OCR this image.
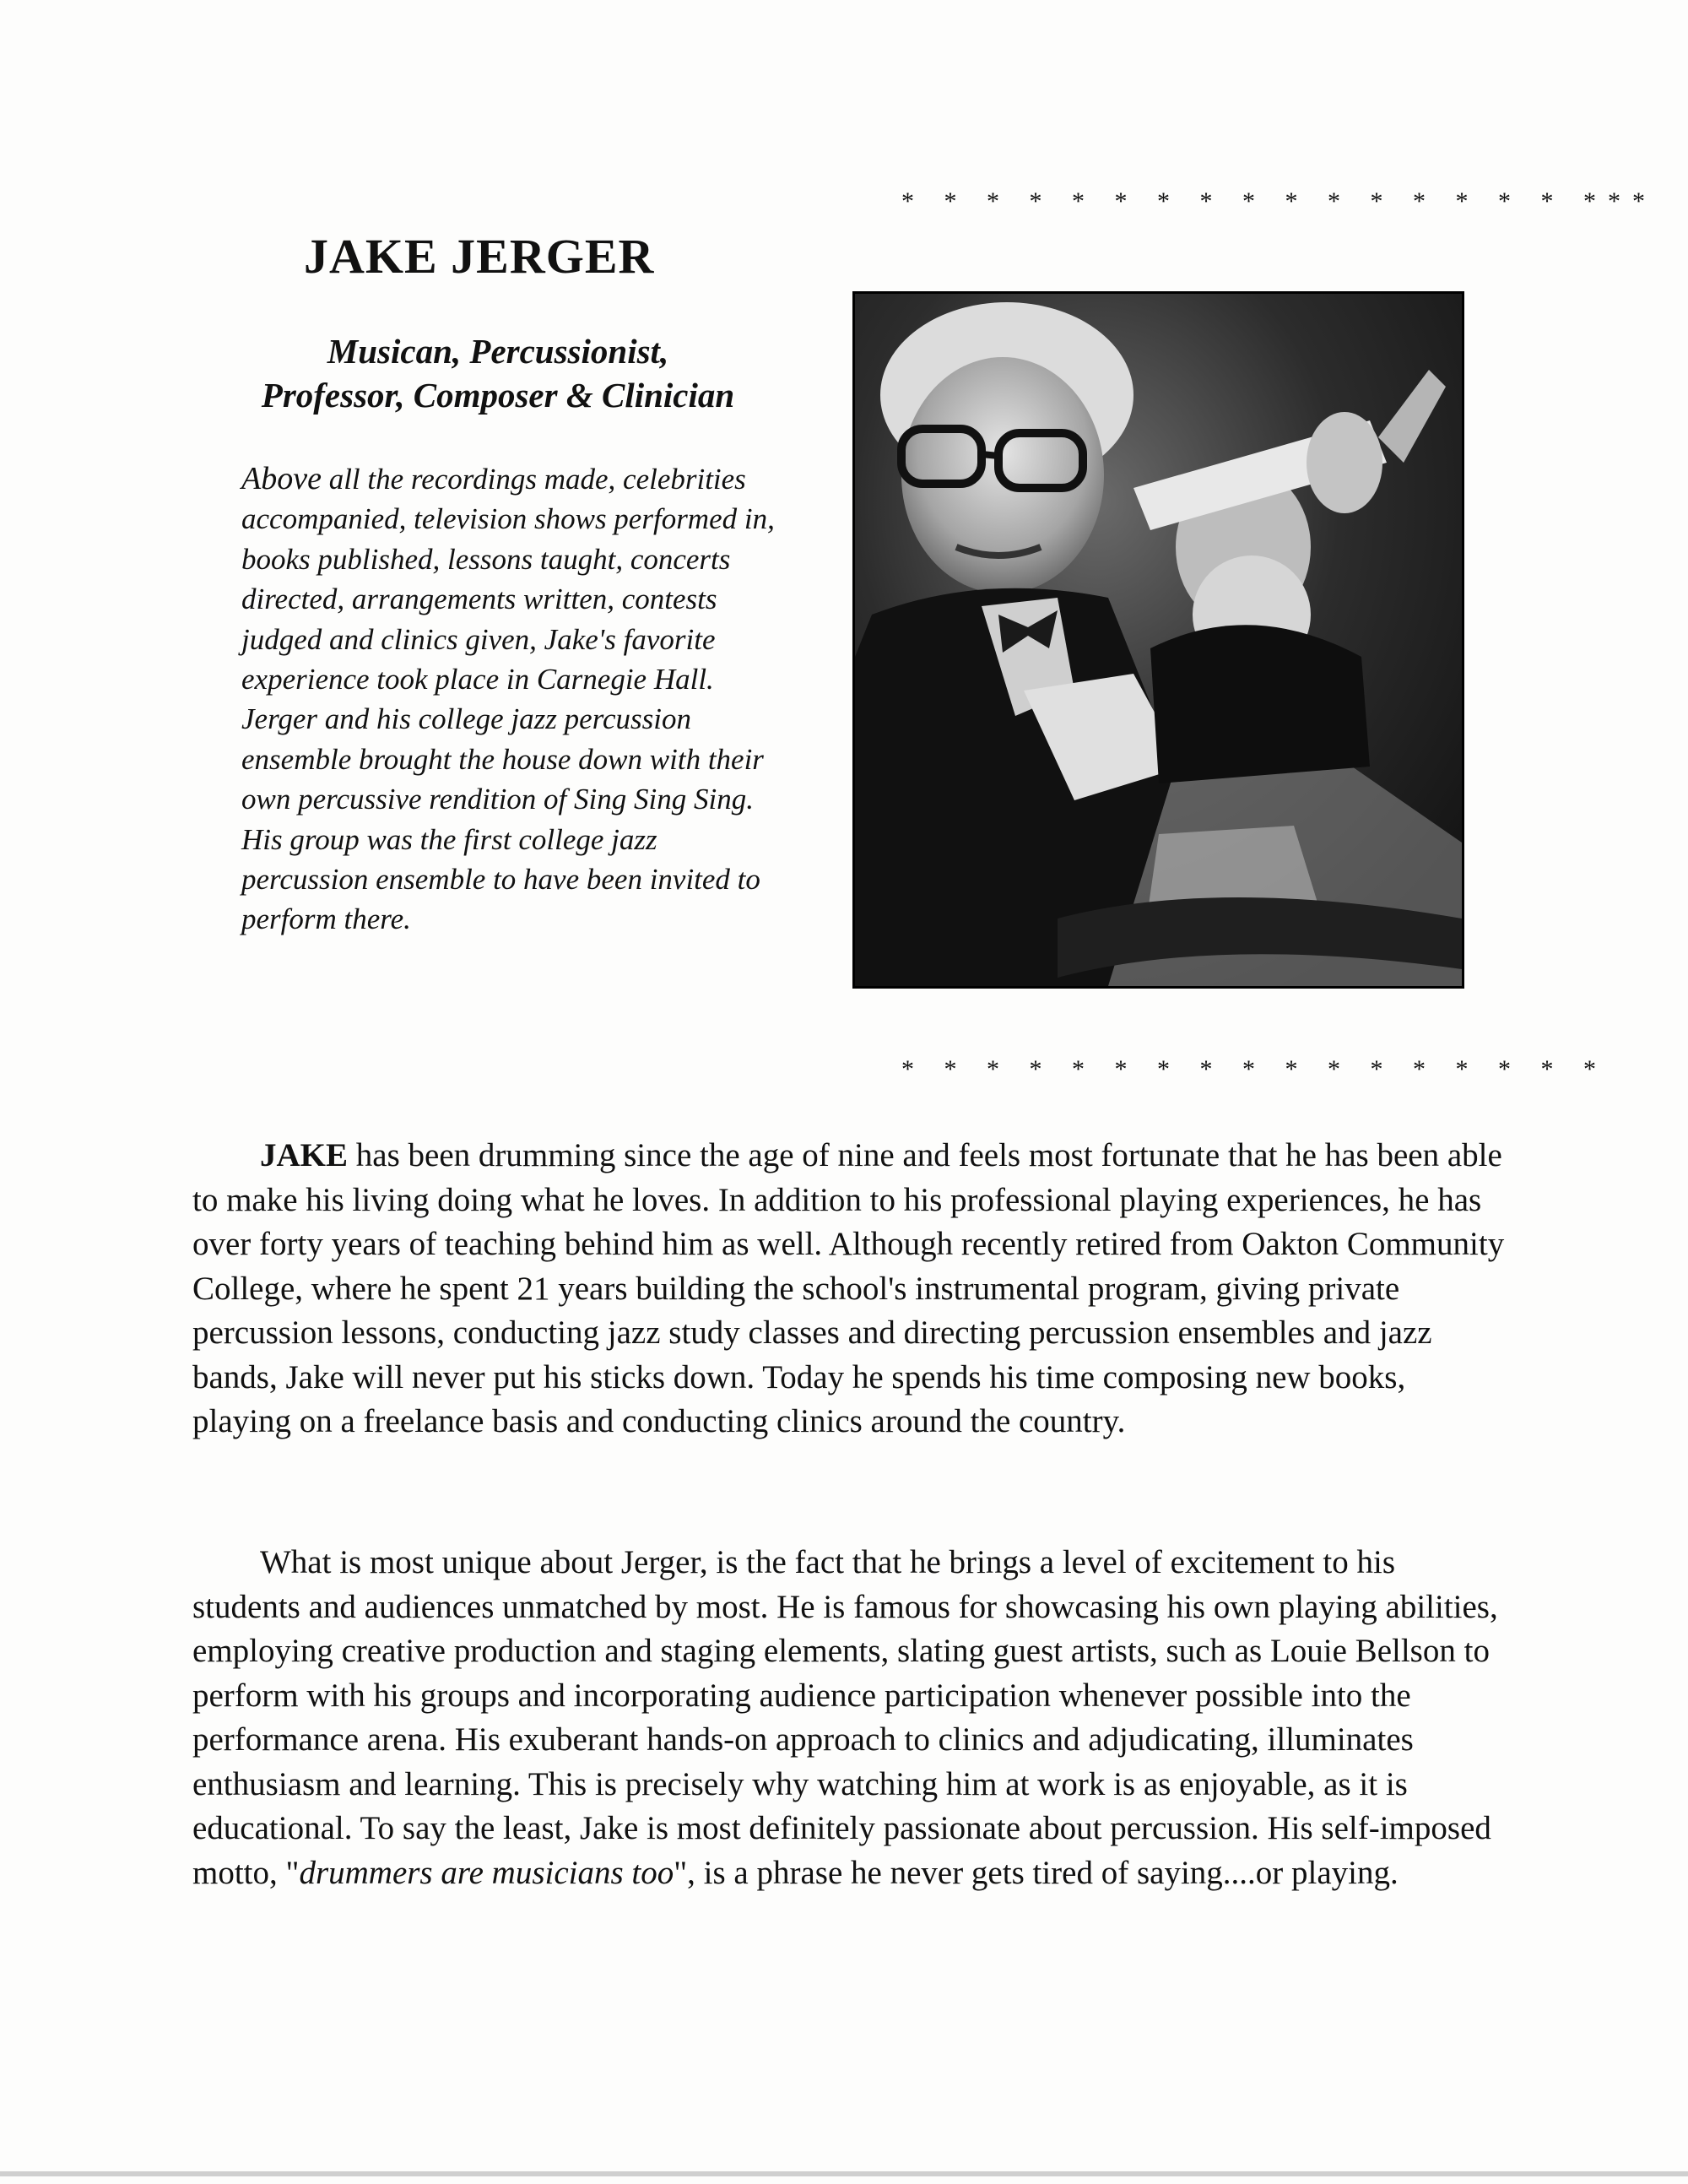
* * * * * * * * * * * * * * * * ***
JAKE JERGER
Musican, Percussionist,
Professor, Composer & Clinician

Above all the recordings made, celebrities accompanied, television shows performed in, books published, lessons taught, concerts directed, arrangements written, contests judged and clinics given, Jake's favorite experience took place in Carnegie Hall. Jerger and his college jazz percussion ensemble brought the house down with their own percussive rendition of Sing Sing Sing. His group was the first college jazz percussion ensemble to have been invited to perform there.

* * * * * * * * * * * * * * * * *

JAKE has been drumming since the age of nine and feels most fortunate that he has been able to make his living doing what he loves. In addition to his professional playing experiences, he has over forty years of teaching behind him as well. Although recently retired from Oakton Community College, where he spent 21 years building the school's instrumental program, giving private percussion lessons, conducting jazz study classes and directing percussion ensembles and jazz bands, Jake will never put his sticks down. Today he spends his time composing new books, playing on a freelance basis and conducting clinics around the country.

What is most unique about Jerger, is the fact that he brings a level of excitement to his students and audiences unmatched by most. He is famous for showcasing his own playing abilities, employing creative production and staging elements, slating guest artists, such as Louie Bellson to perform with his groups and incorporating audience participation whenever possible into the performance arena. His exuberant hands-on approach to clinics and adjudicating, illuminates enthusiasm and learning. This is precisely why watching him at work is as enjoyable, as it is educational. To say the least, Jake is most definitely passionate about percussion. His self-imposed motto, "drummers are musicians too", is a phrase he never gets tired of saying....or playing.
